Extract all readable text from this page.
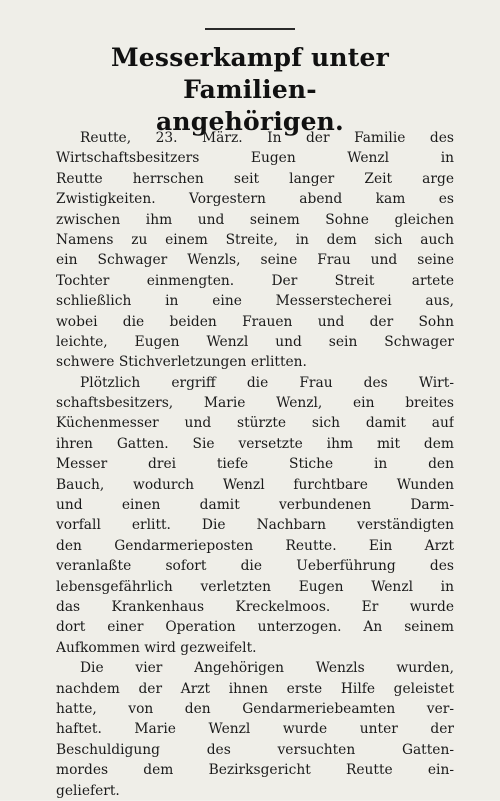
Messerkampf unter Familien-
angehörigen.
Reutte, 23. März. In der Familie des
Wirtschaftsbesitzers Eugen Wenzl in
Reutte herrschen seit langer Zeit arge
Zwistigkeiten. Vorgestern abend kam es
zwischen ihm und seinem Sohne gleichen
Namens zu einem Streite, in dem sich auch
ein Schwager Wenzls, seine Frau und seine
Tochter einmengten. Der Streit artete
schließlich in eine Messerstecherei aus,
wobei die beiden Frauen und der Sohn
leichte, Eugen Wenzl und sein Schwager
schwere Stichverletzungen erlitten.
Plötzlich ergriff die Frau des Wirt-
schaftsbesitzers, Marie Wenzl, ein breites
Küchenmesser und stürzte sich damit auf
ihren Gatten. Sie versetzte ihm mit dem
Messer drei tiefe Stiche in den
Bauch, wodurch Wenzl furchtbare Wunden
und einen damit verbundenen Darm-
vorfall erlitt. Die Nachbarn verständigten
den Gendarmerieposten Reutte. Ein Arzt
veranlaßte sofort die Ueberführung des
lebensgefährlich verletzten Eugen Wenzl in
das Krankenhaus Kreckelmoos. Er wurde
dort einer Operation unterzogen. An seinem
Aufkommen wird gezweifelt.
Die vier Angehörigen Wenzls wurden,
nachdem der Arzt ihnen erste Hilfe geleistet
hatte, von den Gendarmeriebeamten ver-
haftet. Marie Wenzl wurde unter der
Beschuldigung des versuchten Gatten-
mordes dem Bezirksgericht Reutte ein-
geliefert.
